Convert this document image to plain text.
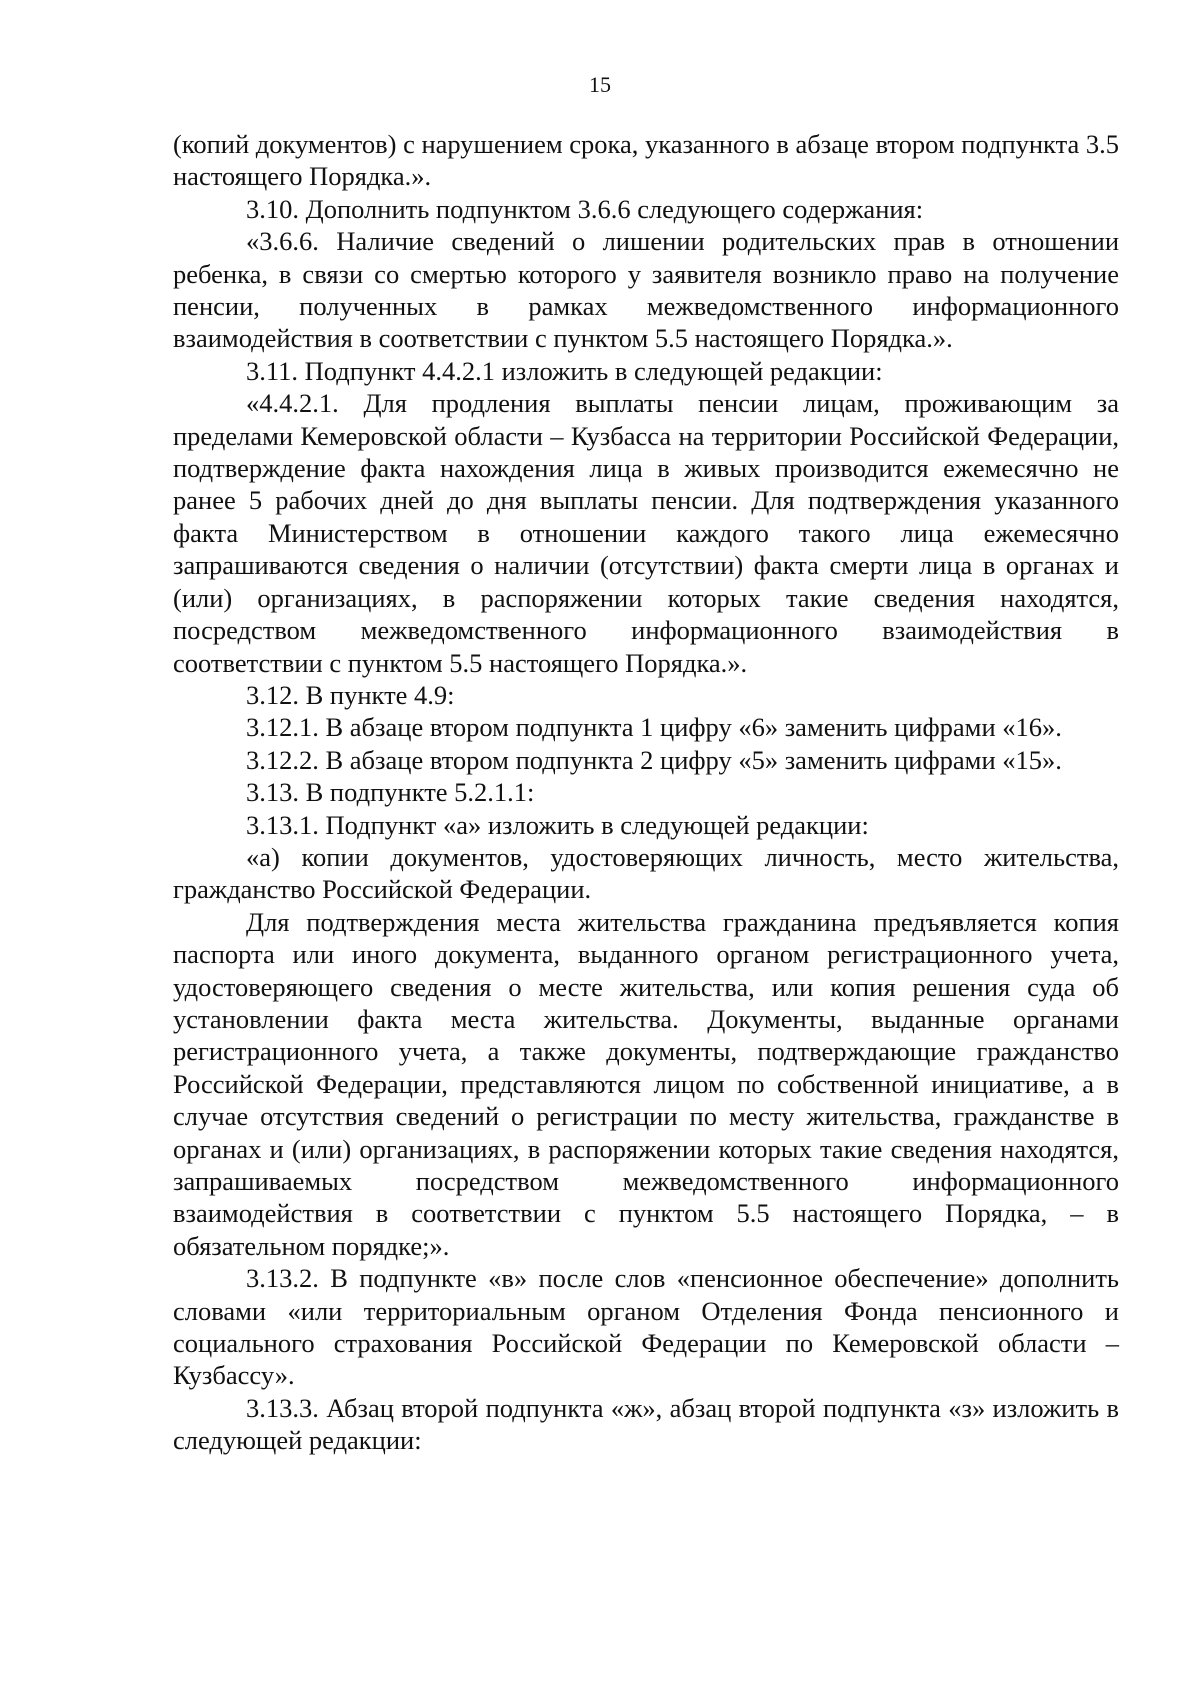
15

(копий документов) с нарушением срока, указанного в абзаце втором подпункта 3.5 настоящего Порядка.».

3.10. Дополнить подпунктом 3.6.6 следующего содержания:

«3.6.6. Наличие сведений о лишении родительских прав в отношении ребенка, в связи со смертью которого у заявителя возникло право на получение пенсии, полученных в рамках межведомственного информационного взаимодействия в соответствии с пунктом 5.5 настоящего Порядка.».

3.11. Подпункт 4.4.2.1 изложить в следующей редакции:

«4.4.2.1. Для продления выплаты пенсии лицам, проживающим за пределами Кемеровской области – Кузбасса на территории Российской Федерации, подтверждение факта нахождения лица в живых производится ежемесячно не ранее 5 рабочих дней до дня выплаты пенсии. Для подтверждения указанного факта Министерством в отношении каждого такого лица ежемесячно запрашиваются сведения о наличии (отсутствии) факта смерти лица в органах и (или) организациях, в распоряжении которых такие сведения находятся, посредством межведомственного информационного взаимодействия в соответствии с пунктом 5.5 настоящего Порядка.».

3.12. В пункте 4.9:

3.12.1. В абзаце втором подпункта 1 цифру «6» заменить цифрами «16».

3.12.2. В абзаце втором подпункта 2 цифру «5» заменить цифрами «15».

3.13. В подпункте 5.2.1.1:

3.13.1. Подпункт «а» изложить в следующей редакции:

«а) копии документов, удостоверяющих личность, место жительства, гражданство Российской Федерации.

Для подтверждения места жительства гражданина предъявляется копия паспорта или иного документа, выданного органом регистрационного учета, удостоверяющего сведения о месте жительства, или копия решения суда об установлении факта места жительства. Документы, выданные органами регистрационного учета, а также документы, подтверждающие гражданство Российской Федерации, представляются лицом по собственной инициативе, а в случае отсутствия сведений о регистрации по месту жительства, гражданстве в органах и (или) организациях, в распоряжении которых такие сведения находятся, запрашиваемых посредством межведомственного информационного взаимодействия в соответствии с пунктом 5.5 настоящего Порядка, – в обязательном порядке;».

3.13.2. В подпункте «в» после слов «пенсионное обеспечение» дополнить словами «или территориальным органом Отделения Фонда пенсионного и социального страхования Российской Федерации по Кемеровской области – Кузбассу».

3.13.3. Абзац второй подпункта «ж», абзац второй подпункта «з» изложить в следующей редакции:
